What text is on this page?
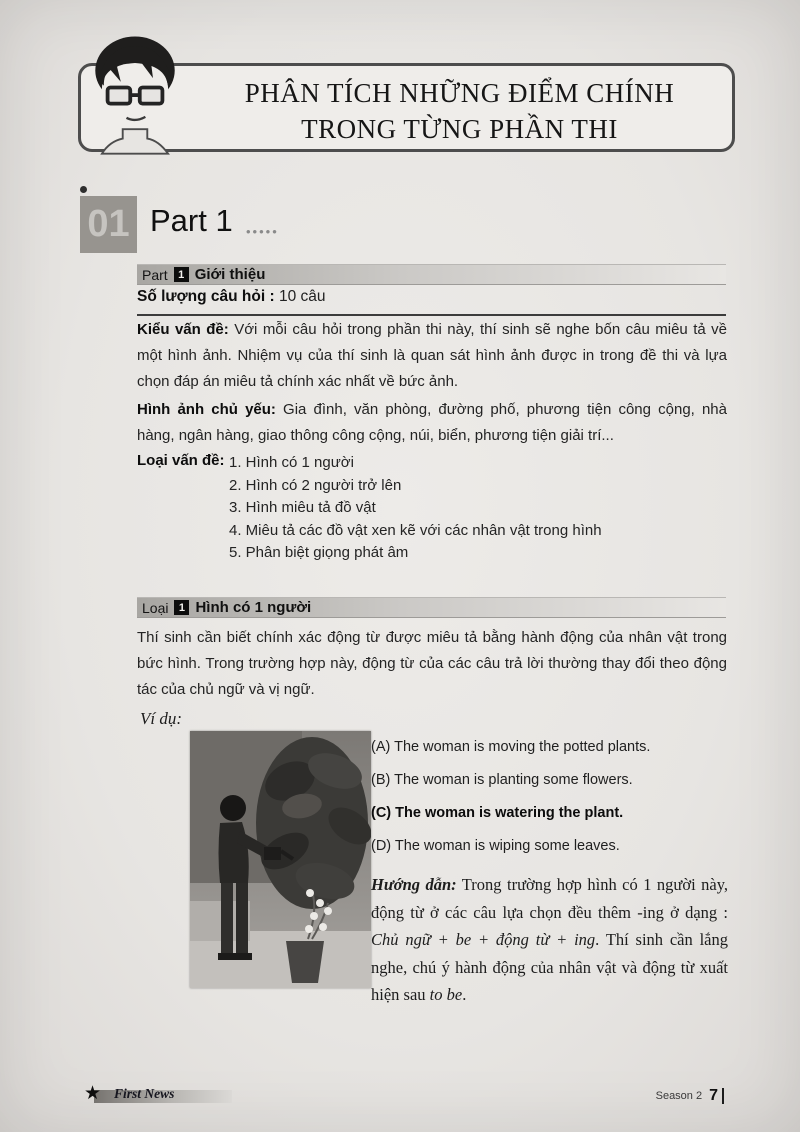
PHÂN TÍCH NHỮNG ĐIỂM CHÍNH
TRONG TỪNG PHẦN THI
01 Part 1 •••••
Part 1 Giới thiệu
Số lượng câu hỏi : 10 câu
Kiểu vấn đề: Với mỗi câu hỏi trong phần thi này, thí sinh sẽ nghe bốn câu miêu tả về một hình ảnh. Nhiệm vụ của thí sinh là quan sát hình ảnh được in trong đề thi và lựa chọn đáp án miêu tả chính xác nhất về bức ảnh.
Hình ảnh chủ yếu: Gia đình, văn phòng, đường phố, phương tiện công cộng, nhà hàng, ngân hàng, giao thông công cộng, núi, biển, phương tiện giải trí...
Loại vấn đề: 1. Hình có 1 người
2. Hình có 2 người trở lên
3. Hình miêu tả đồ vật
4. Miêu tả các đồ vật xen kẽ với các nhân vật trong hình
5. Phân biệt giọng phát âm
Loại 1 Hình có 1 người
Thí sinh cần biết chính xác động từ được miêu tả bằng hành động của nhân vật trong bức hình. Trong trường hợp này, động từ của các câu trả lời thường thay đổi theo động tác của chủ ngữ và vị ngữ.
Ví dụ:
(A) The woman is moving the potted plants.
(B) The woman is planting some flowers.
(C) The woman is watering the plant.
(D) The woman is wiping some leaves.
Hướng dẫn: Trong trường hợp hình có 1 người này, động từ ở các câu lựa chọn đều thêm -ing ở dạng : Chủ ngữ + be + động từ + ing. Thí sinh cần lắng nghe, chú ý hành động của nhân vật và động từ xuất hiện sau to be.
★ First News	Season 2 7
